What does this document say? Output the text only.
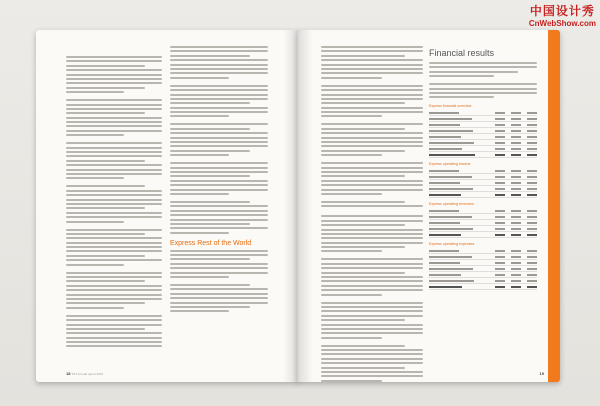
Express Rest of the World
18 TNT Annual report 2007
Financial results
Express financial overview
Express operating income
Express operating revenues
Express operating expenses
19
中国设计秀
CnWebShow.com
